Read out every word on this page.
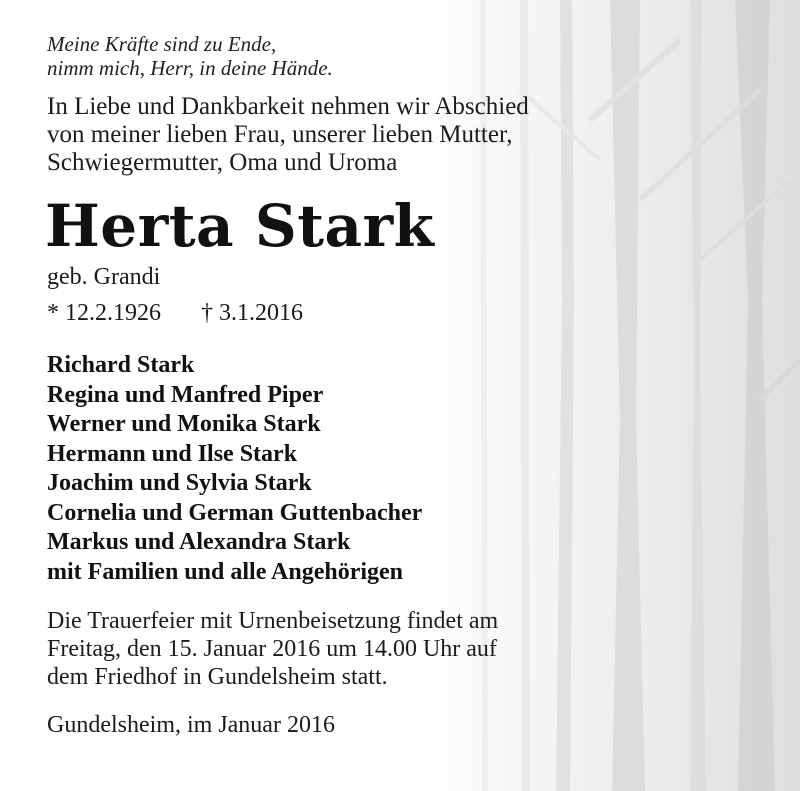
Meine Kräfte sind zu Ende,
nimm mich, Herr, in deine Hände.
In Liebe und Dankbarkeit nehmen wir Abschied
von meiner lieben Frau, unserer lieben Mutter,
Schwiegermutter, Oma und Uroma
Herta Stark
geb. Grandi
* 12.2.1926 † 3.1.2016
Richard Stark
Regina und Manfred Piper
Werner und Monika Stark
Hermann und Ilse Stark
Joachim und Sylvia Stark
Cornelia und German Guttenbacher
Markus und Alexandra Stark
mit Familien und alle Angehörigen
Die Trauerfeier mit Urnenbeisetzung findet am
Freitag, den 15. Januar 2016 um 14.00 Uhr auf
dem Friedhof in Gundelsheim statt.
Gundelsheim, im Januar 2016
